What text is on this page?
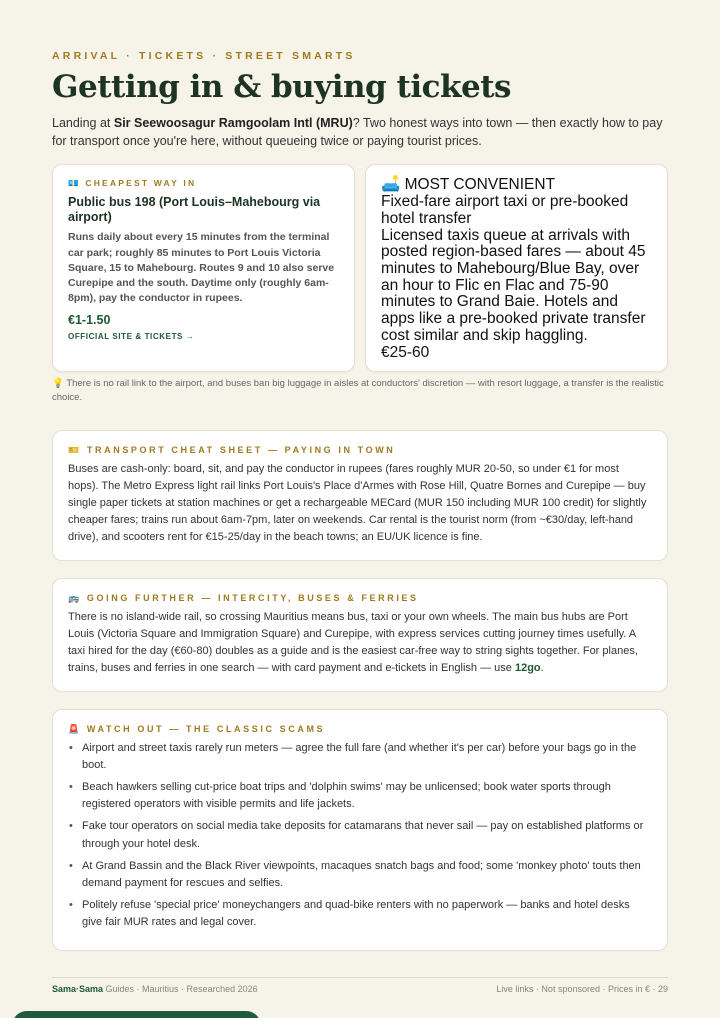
ARRIVAL · TICKETS · STREET SMARTS
Getting in & buying tickets

Landing at Sir Seewoosagur Ramgoolam Intl (MRU)? Two honest ways into town — then exactly how to pay for transport once you're here, without queueing twice or paying tourist prices.

💶 CHEAPEST WAY IN
Public bus 198 (Port Louis–Mahebourg via airport)
Runs daily about every 15 minutes from the terminal car park; roughly 85 minutes to Port Louis Victoria Square, 15 to Mahebourg. Routes 9 and 10 also serve Curepipe and the south. Daytime only (roughly 6am-8pm), pay the conductor in rupees.
€1-1.50
OFFICIAL SITE & TICKETS →
🛋️ MOST CONVENIENT
Fixed-fare airport taxi or pre-booked hotel transfer
Licensed taxis queue at arrivals with posted region-based fares — about 45 minutes to Mahebourg/Blue Bay, over an hour to Flic en Flac and 75-90 minutes to Grand Baie. Hotels and apps like a pre-booked private transfer cost similar and skip haggling.
€25-60

💡 There is no rail link to the airport, and buses ban big luggage in aisles at conductors' discretion — with resort luggage, a transfer is the realistic choice.

🎫 TRANSPORT CHEAT SHEET — PAYING IN TOWN

Buses are cash-only: board, sit, and pay the conductor in rupees (fares roughly MUR 20-50, so under €1 for most hops). The Metro Express light rail links Port Louis's Place d'Armes with Rose Hill, Quatre Bornes and Curepipe — buy single paper tickets at station machines or get a rechargeable MECard (MUR 150 including MUR 100 credit) for slightly cheaper fares; trains run about 6am-7pm, later on weekends. Car rental is the tourist norm (from ~€30/day, left-hand drive), and scooters rent for €15-25/day in the beach towns; an EU/UK licence is fine.

🚌 GOING FURTHER — INTERCITY, BUSES & FERRIES

There is no island-wide rail, so crossing Mauritius means bus, taxi or your own wheels. The main bus hubs are Port Louis (Victoria Square and Immigration Square) and Curepipe, with express services cutting journey times usefully. A taxi hired for the day (€60-80) doubles as a guide and is the easiest car-free way to string sights together. For planes, trains, buses and ferries in one search — with card payment and e-tickets in English — use 12go.

🚨 WATCH OUT — THE CLASSIC SCAMS
• Airport and street taxis rarely run meters — agree the full fare (and whether it's per car) before your bags go in the boot.
• Beach hawkers selling cut-price boat trips and 'dolphin swims' may be unlicensed; book water sports through registered operators with visible permits and life jackets.
• Fake tour operators on social media take deposits for catamarans that never sail — pay on established platforms or through your hotel desk.
• At Grand Bassin and the Black River viewpoints, macaques snatch bags and food; some 'monkey photo' touts then demand payment for rescues and selfies.
• Politely refuse 'special price' moneychangers and quad-bike renters with no paperwork — banks and hotel desks give fair MUR rates and legal cover.
Sama·Sama Guides · Mauritius · Researched 2026	Live links · Not sponsored · Prices in € · 29
